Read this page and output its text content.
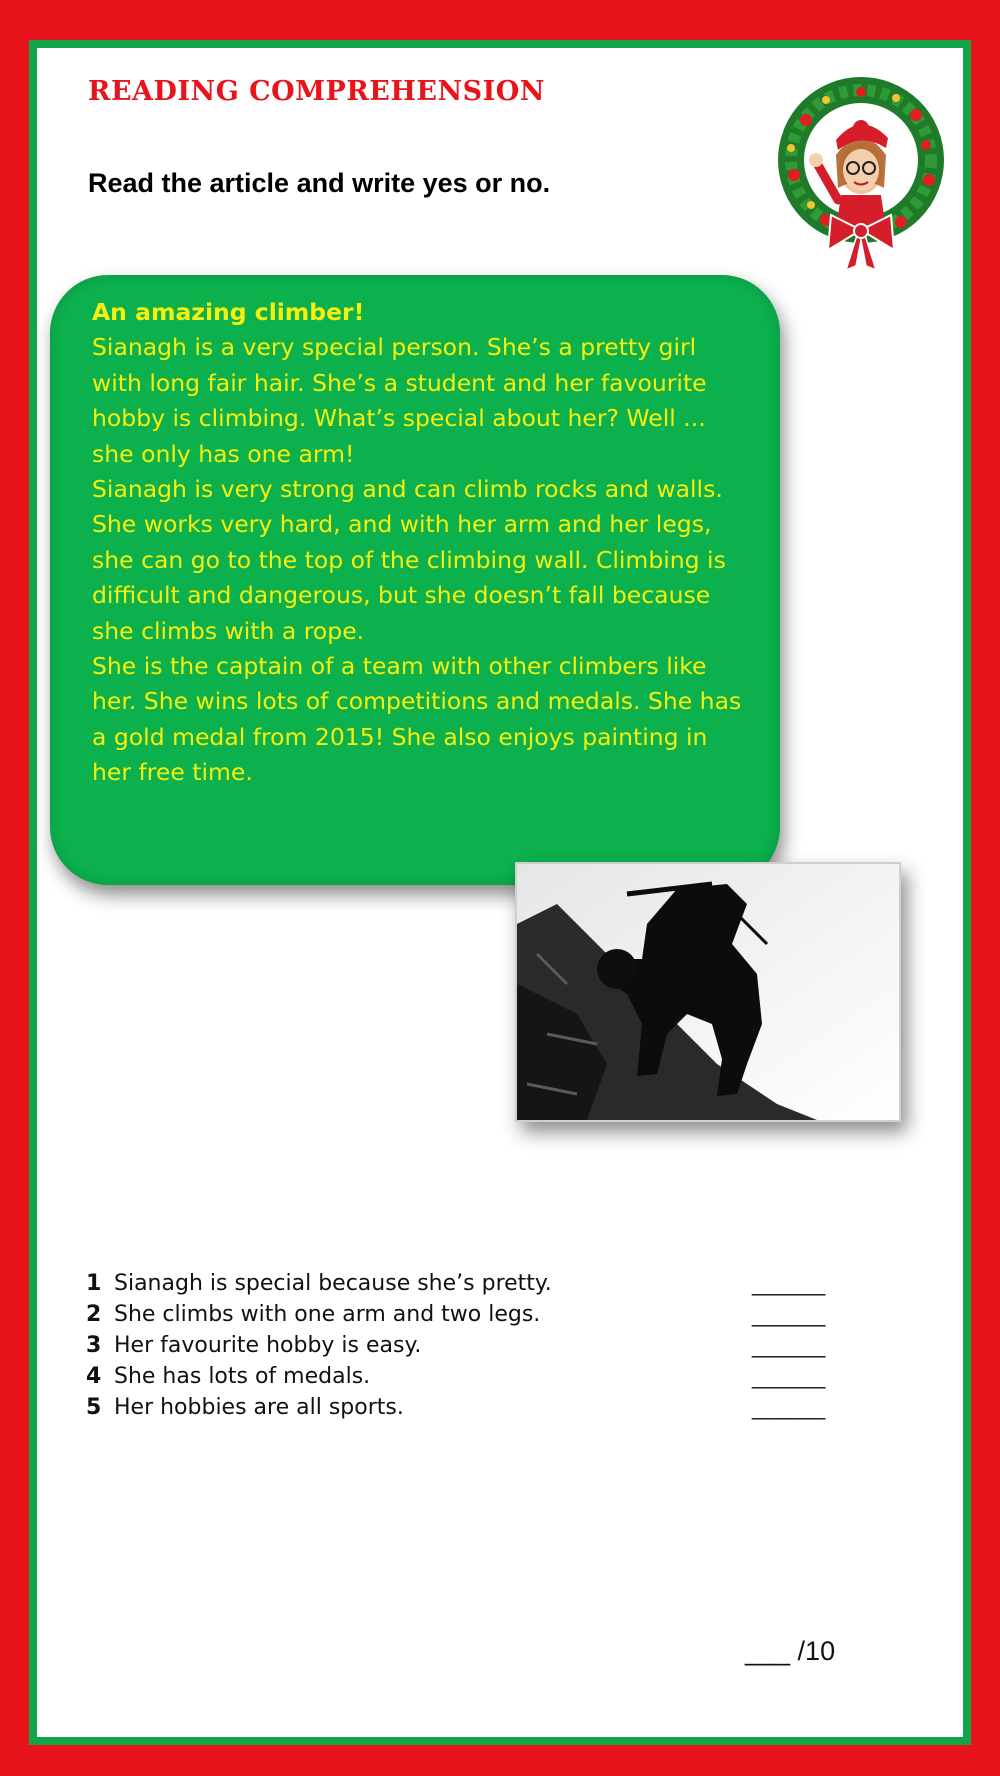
READING COMPREHENSION
Read the article and write yes or no.
An amazing climber!

Sianagh is a very special person. She’s a pretty girl with long fair hair. She’s a student and her favourite hobby is climbing. What’s special about her? Well ... she only has one arm!

Sianagh is very strong and can climb rocks and walls. She works very hard, and with her arm and her legs, she can go to the top of the climbing wall. Climbing is difficult and dangerous, but she doesn’t fall because she climbs with a rope.

She is the captain of a team with other climbers like her. She wins lots of competitions and medals. She has a gold medal from 2015! She also enjoys painting in her free time.

1 Sianagh is special because she’s pretty.	______
2 She climbs with one arm and two legs.	______
3 Her favourite hobby is easy.	______
4 She has lots of medals.	______
5 Her hobbies are all sports.	______
___ /10
